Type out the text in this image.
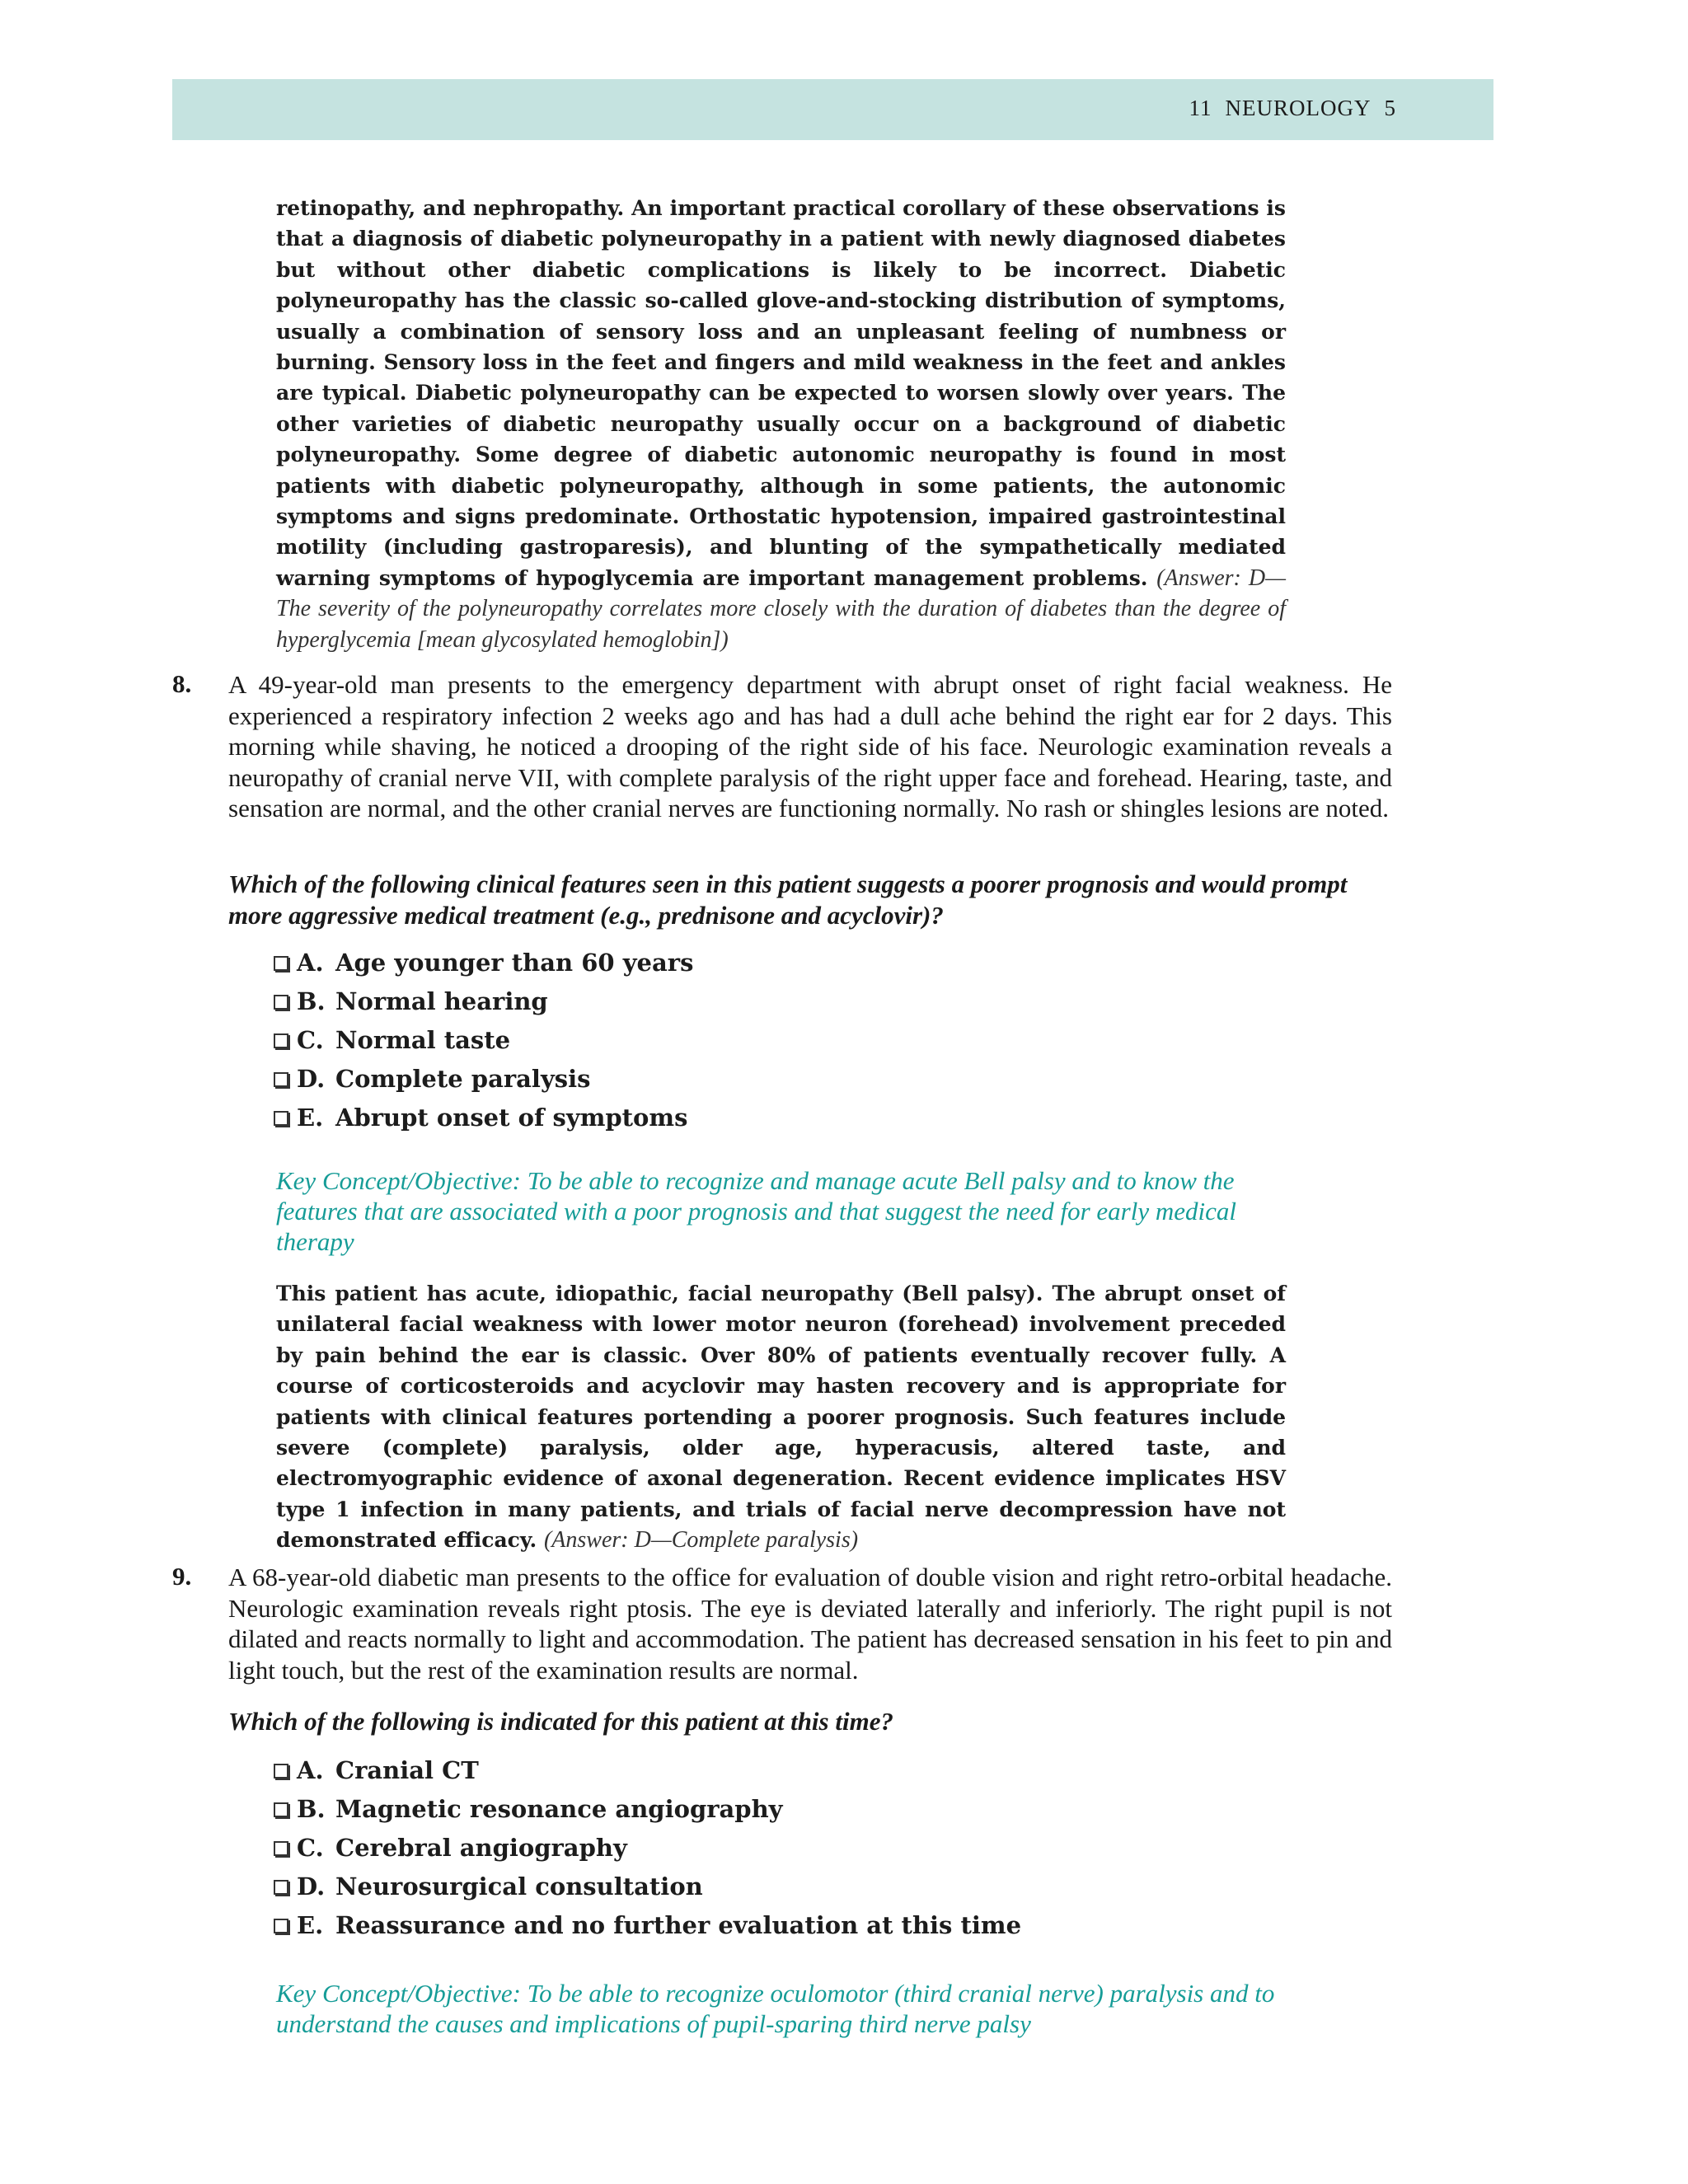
11 NEUROLOGY 5
retinopathy, and nephropathy. An important practical corollary of these observations is that a diagnosis of diabetic polyneuropathy in a patient with newly diagnosed diabetes but without other diabetic complications is likely to be incorrect. Diabetic polyneuropathy has the classic so-called glove-and-stocking distribution of symptoms, usually a combination of sensory loss and an unpleasant feeling of numbness or burning. Sensory loss in the feet and fingers and mild weakness in the feet and ankles are typical. Diabetic polyneuropathy can be expected to worsen slowly over years. The other varieties of diabetic neuropathy usually occur on a background of diabetic polyneuropathy. Some degree of diabetic autonomic neuropathy is found in most patients with diabetic polyneuropathy, although in some patients, the autonomic symptoms and signs predominate. Orthostatic hypotension, impaired gastrointestinal motility (including gastroparesis), and blunting of the sympathetically mediated warning symptoms of hypoglycemia are important management problems. (Answer: D—The severity of the polyneuropathy correlates more closely with the duration of diabetes than the degree of hyperglycemia [mean glycosylated hemoglobin])
8. A 49-year-old man presents to the emergency department with abrupt onset of right facial weakness. He experienced a respiratory infection 2 weeks ago and has had a dull ache behind the right ear for 2 days. This morning while shaving, he noticed a drooping of the right side of his face. Neurologic examination reveals a neuropathy of cranial nerve VII, with complete paralysis of the right upper face and forehead. Hearing, taste, and sensation are normal, and the other cranial nerves are functioning normally. No rash or shingles lesions are noted.
Which of the following clinical features seen in this patient suggests a poorer prognosis and would prompt more aggressive medical treatment (e.g., prednisone and acyclovir)?
A. Age younger than 60 years
B. Normal hearing
C. Normal taste
D. Complete paralysis
E. Abrupt onset of symptoms
Key Concept/Objective: To be able to recognize and manage acute Bell palsy and to know the features that are associated with a poor prognosis and that suggest the need for early medical therapy
This patient has acute, idiopathic, facial neuropathy (Bell palsy). The abrupt onset of unilateral facial weakness with lower motor neuron (forehead) involvement preceded by pain behind the ear is classic. Over 80% of patients eventually recover fully. A course of corticosteroids and acyclovir may hasten recovery and is appropriate for patients with clinical features portending a poorer prognosis. Such features include severe (complete) paralysis, older age, hyperacusis, altered taste, and electromyographic evidence of axonal degeneration. Recent evidence implicates HSV type 1 infection in many patients, and trials of facial nerve decompression have not demonstrated efficacy. (Answer: D—Complete paralysis)
9. A 68-year-old diabetic man presents to the office for evaluation of double vision and right retro-orbital headache. Neurologic examination reveals right ptosis. The eye is deviated laterally and inferiorly. The right pupil is not dilated and reacts normally to light and accommodation. The patient has decreased sensation in his feet to pin and light touch, but the rest of the examination results are normal.
Which of the following is indicated for this patient at this time?
A. Cranial CT
B. Magnetic resonance angiography
C. Cerebral angiography
D. Neurosurgical consultation
E. Reassurance and no further evaluation at this time
Key Concept/Objective: To be able to recognize oculomotor (third cranial nerve) paralysis and to understand the causes and implications of pupil-sparing third nerve palsy
